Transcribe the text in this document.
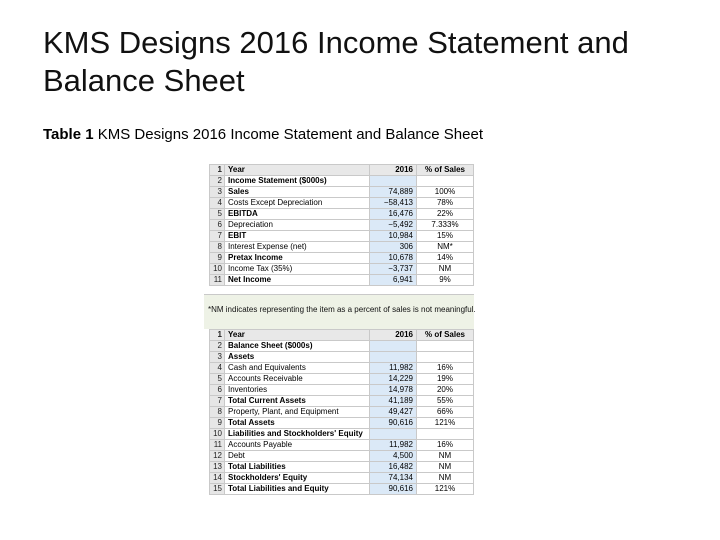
KMS Designs 2016 Income Statement and Balance Sheet
Table 1 KMS Designs 2016 Income Statement and Balance Sheet
1	Year	2016	% of Sales
2	Income Statement ($000s)		
3	Sales	74,889	100%
4	Costs Except Depreciation	−58,413	78%
5	EBITDA	16,476	22%
6	Depreciation	−5,492	7.333%
7	EBIT	10,984	15%
8	Interest Expense (net)	306	NM*
9	Pretax Income	10,678	14%
10	Income Tax (35%)	−3,737	NM
11	Net Income	6,941	9%
*NM indicates representing the item as a percent of sales is not meaningful.
1	Year	2016	% of Sales
2	Balance Sheet ($000s)		
3	Assets		
4	Cash and Equivalents	11,982	16%
5	Accounts Receivable	14,229	19%
6	Inventories	14,978	20%
7	Total Current Assets	41,189	55%
8	Property, Plant, and Equipment	49,427	66%
9	Total Assets	90,616	121%
10	Liabilities and Stockholders' Equity		
11	Accounts Payable	11,982	16%
12	Debt	4,500	NM
13	Total Liabilities	16,482	NM
14	Stockholders' Equity	74,134	NM
15	Total Liabilities and Equity	90,616	121%
